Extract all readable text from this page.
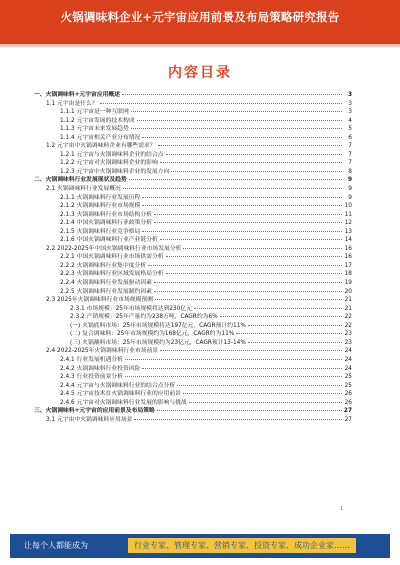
火锅调味料企业+元宇宙应用前景及布局策略研究报告
内容目录
一、火锅调味料+元宇宙应用概述	3
1.1 元宇宙是什么？	3
1.1.1 元宇宙是一种互联网	3
1.1.2 元宇宙发展的技术构成	4
1.1.3 元宇宙未来发展趋势	5
1.1.4 元宇宙相关产业分布情况	6
1.2 元宇宙中火锅调味料企业有哪些需求？	7
1.2.1 元宇宙与火锅调味料企业的结合点	7
1.2.2 元宇宙对火锅调味料企业的影响	7
1.2.3 元宇宙中火锅调味料企业的发展方向	8
二、火锅调味料行业发展现状及趋势	9
2.1 火锅调味料行业发展概况	9
2.1.1 火锅调味料行业发展历程	9
2.1.2 火锅调味料行业市场规模	10
2.1.3 火锅调味料行业市场结构分析	11
2.1.4 中国火锅调味料行业政策分析	12
2.1.5 火锅调味料行业竞争格局	13
2.1.6 中国火锅调味料行业产业链分析	14
2.2 2022-2025年中国火锅调味料行业市场发展分析	16
2.2.1 中国火锅调味料行业市场供需分析	16
2.2.2 火锅调味料行业集中度分析	17
2.2.3 火锅调味料行业区域发展格局分析	18
2.2.4 火锅调味料行业发展驱动因素	19
2.2.5 火锅调味料行业发展制约因素	20
2.3 2025年火锅调味料行业市场规模预测	21
2.3.1 市场规模：25年市场规模将达到230亿元	21
2.3.2 产销规模：25年产量约为238万吨，CAGR约为6%	22
(一) 火锅底料市场：25年市场规模将达197亿元，CAGR预计约11%	22
(二) 复合调味料：25年市场规模约为168亿元，CAGR约为11%	23
(三) 火锅蘸料市场：25年市场规模约为23亿元，CAGR预计13-14%	23
2.4 2022-2025年火锅调味料行业市场前景	24
2.4.1 行业发展机遇分析	24
2.4.2 火锅调味料行业投资风险	24
2.4.3 行业投资前景分析	25
2.4.4 元宇宙与火锅调味料行业的结合点分析	25
2.4.5 元宇宙技术在火锅调味料行业的应用前景	26
2.4.6 元宇宙对火锅调味料行业发展的影响与挑战	26
三、火锅调味料+元宇宙的应用前景及布局策略	27
3.1 元宇宙中火锅调味料应用场景	27
1
让每个人都能成为	行业专家、管理专家、营销专家、投资专家、成功企业家……
